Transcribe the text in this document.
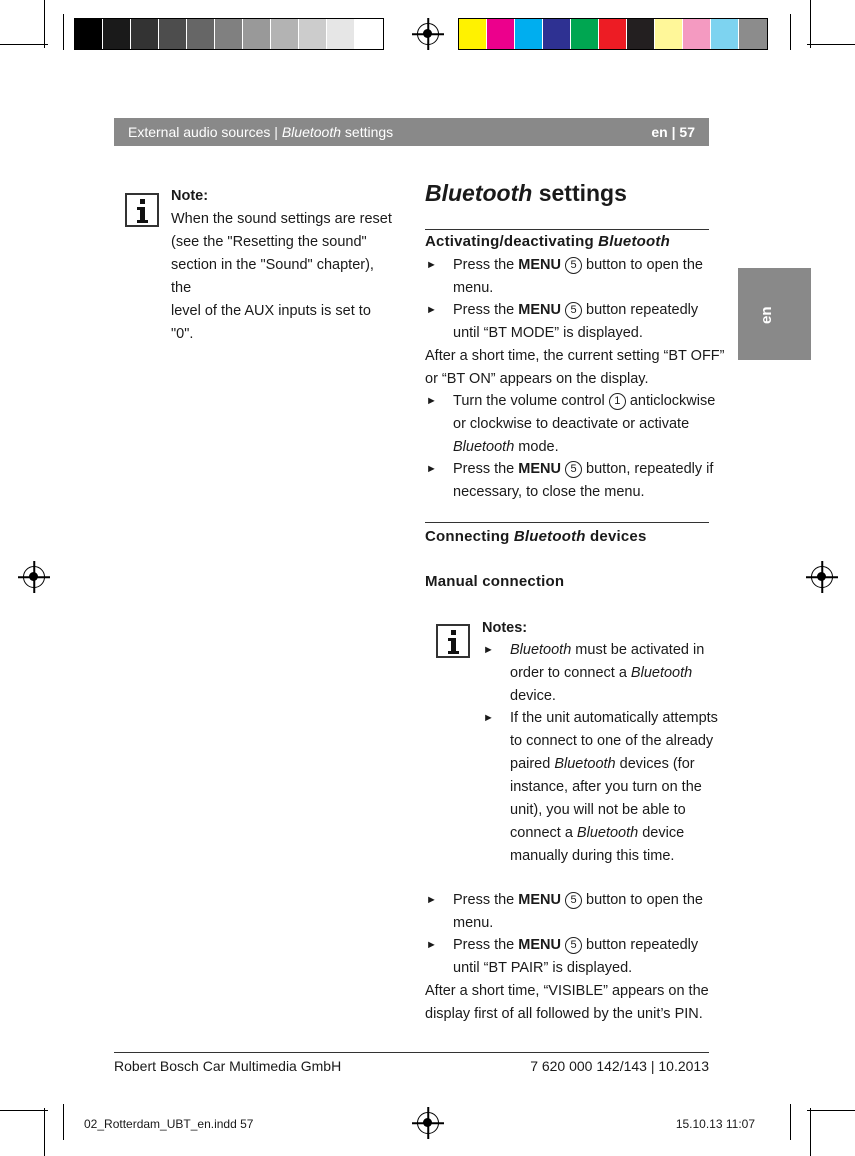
External audio sources | Bluetooth settings	en | 57
en
Note:
When the sound settings are reset
(see the "Resetting the sound"
section in the "Sound" chapter), the
level of the AUX inputs is set to "0".
Bluetooth settings
Activating/deactivating Bluetooth
► Press the MENU 5 button to open the
menu.
► Press the MENU 5 button repeatedly
until “BT MODE” is displayed.
After a short time, the current setting “BT OFF”
or “BT ON” appears on the display.
► Turn the volume control 1 anticlockwise
or clockwise to deactivate or activate
Bluetooth mode.
► Press the MENU 5 button, repeatedly if
necessary, to close the menu.
Connecting Bluetooth devices
Manual connection
Notes:
► Bluetooth must be activated in
order to connect a Bluetooth
device.
► If the unit automatically attempts
to connect to one of the already
paired Bluetooth devices (for
instance, after you turn on the
unit), you will not be able to
connect a Bluetooth device
manually during this time.
► Press the MENU 5 button to open the
menu.
► Press the MENU 5 button repeatedly
until “BT PAIR” is displayed.
After a short time, “VISIBLE” appears on the
display first of all followed by the unit’s PIN.
Robert Bosch Car Multimedia GmbH	7 620 000 142/143 | 10.2013
02_Rotterdam_UBT_en.indd 57	15.10.13 11:07
